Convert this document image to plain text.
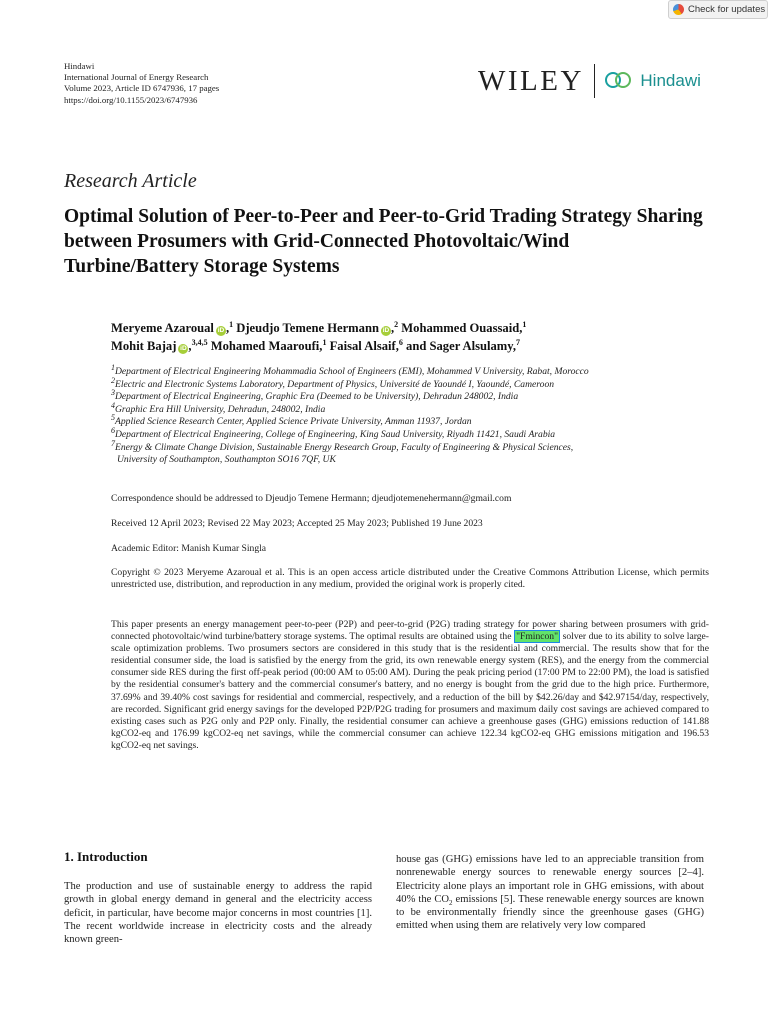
Check for updates
Hindawi
International Journal of Energy Research
Volume 2023, Article ID 6747936, 17 pages
https://doi.org/10.1155/2023/6747936
WILEY	Hindawi
Research Article
Optimal Solution of Peer-to-Peer and Peer-to-Grid Trading Strategy Sharing between Prosumers with Grid-Connected Photovoltaic/Wind Turbine/Battery Storage Systems
Meryeme Azaroual iD ,$^1$ Djeudjo Temene Hermann iD ,$^2$ Mohammed Ouassaid,$^1$
Mohit Bajaj iD ,$^{3,4,5}$ Mohamed Maaroufi,$^1$ Faisal Alsaif,$^6$ and Sager Alsulamy,$^7$
$^1$Department of Electrical Engineering Mohammadia School of Engineers (EMI), Mohammed V University, Rabat, Morocco
$^2$Electric and Electronic Systems Laboratory, Department of Physics, Université de Yaoundé I, Yaoundé, Cameroon
$^3$Department of Electrical Engineering, Graphic Era (Deemed to be University), Dehradun 248002, India
$^4$Graphic Era Hill University, Dehradun, 248002, India
$^5$Applied Science Research Center, Applied Science Private University, Amman 11937, Jordan
$^6$Department of Electrical Engineering, College of Engineering, King Saud University, Riyadh 11421, Saudi Arabia
$^7$Energy & Climate Change Division, Sustainable Energy Research Group, Faculty of Engineering & Physical Sciences,
University of Southampton, Southampton SO16 7QF, UK
Correspondence should be addressed to Djeudjo Temene Hermann; djeudjotemenehermann@gmail.com
Received 12 April 2023; Revised 22 May 2023; Accepted 25 May 2023; Published 19 June 2023
Academic Editor: Manish Kumar Singla
Copyright © 2023 Meryeme Azaroual et al. This is an open access article distributed under the Creative Commons Attribution License, which permits unrestricted use, distribution, and reproduction in any medium, provided the original work is properly cited.
This paper presents an energy management peer-to-peer (P2P) and peer-to-grid (P2G) trading strategy for power sharing between prosumers with grid-connected photovoltaic/wind turbine/battery storage systems. The optimal results are obtained using the "Fmincon" solver due to its ability to solve large-scale optimization problems. Two prosumers sectors are considered in this study that is the residential and commercial. The results show that for the residential consumer side, the load is satisfied by the energy from the grid, its own renewable energy system (RES), and the energy from the commercial consumer side RES during the first off-peak period (00:00 AM to 05:00 AM). During the peak pricing period (17:00 PM to 22:00 PM), the load is satisfied by the residential consumer's battery and the commercial consumer's battery, and no energy is bought from the grid due to the high price. Furthermore, 37.69% and 39.40% cost savings for residential and commercial, respectively, and a reduction of the bill by $42.26/day and $42.97154/day, respectively, are recorded. Significant grid energy savings for the developed P2P/P2G trading for prosumers and maximum daily cost savings are achieved compared to existing cases such as P2G only and P2P only. Finally, the residential consumer can achieve a greenhouse gases (GHG) emissions reduction of 141.88 kgCO2-eq and 176.99 kgCO2-eq net savings, while the commercial consumer can achieve 122.34 kgCO2-eq GHG emissions mitigation and 196.53 kgCO2-eq net savings.
1. Introduction
The production and use of sustainable energy to address the rapid growth in global energy demand in general and the electricity access deficit, in particular, have become major concerns in most countries [1]. The recent worldwide increase in electricity costs and the already known green-
house gas (GHG) emissions have led to an appreciable transition from nonrenewable energy sources to renewable energy sources [2–4]. Electricity alone plays an important role in GHG emissions, with about 40% the $CO_2$ emissions [5]. These renewable energy sources are known to be environmentally friendly since the greenhouse gases (GHG) emitted when using them are relatively very low compared
